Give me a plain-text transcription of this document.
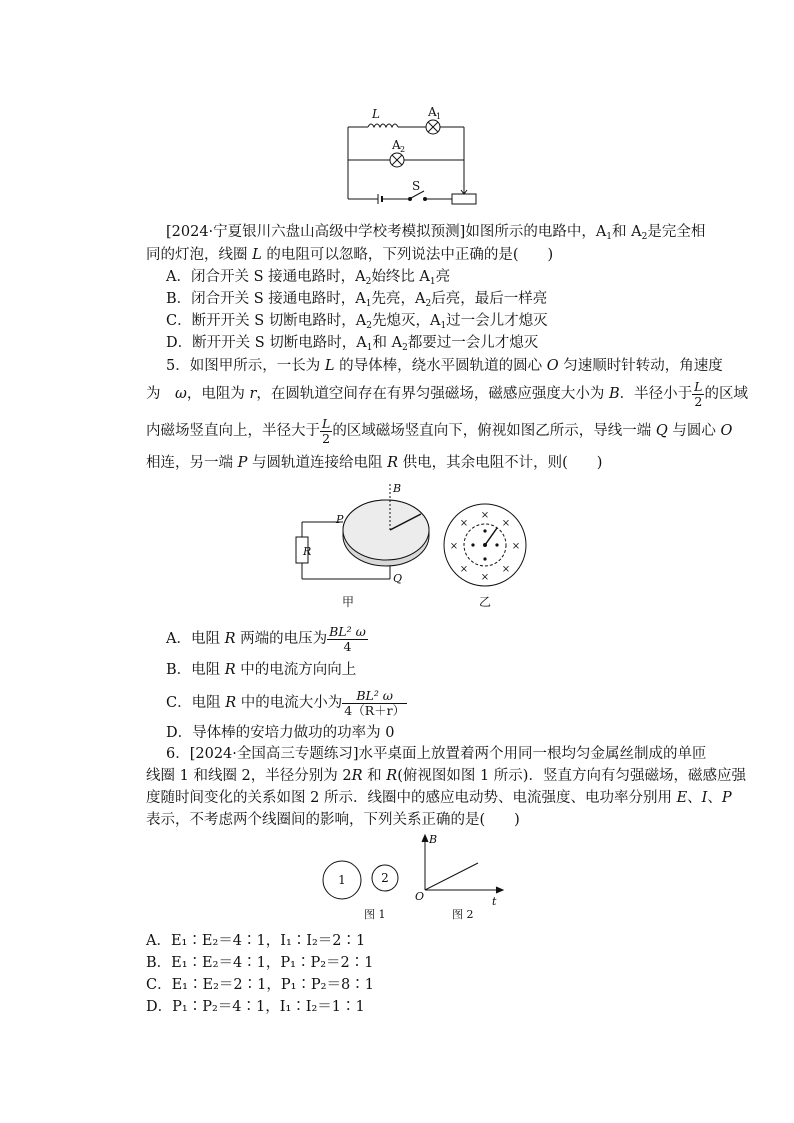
L	A 1
A 2
S
[2024·宁夏银川六盘山高级中学校考模拟预测]如图所示的电路中，$A_1$和 $A_2$是完全相
同的灯泡，线圈 L 的电阻可以忽略，下列说法中正确的是(　　)
A．闭合开关 S 接通电路时，$A_2$始终比 $A_1$亮
B．闭合开关 S 接通电路时，$A_1$先亮，$A_2$后亮，最后一样亮
C．断开开关 S 切断电路时，$A_2$先熄灭，$A_1$过一会儿才熄灭
D．断开开关 S 切断电路时，$A_1$和 $A_2$都要过一会儿才熄灭
5．如图甲所示，一长为 L 的导体棒，绕水平圆轨道的圆心 O 匀速顺时针转动，角速度
为　ω，电阻为 r，在圆轨道空间存在有界匀强磁场，磁感应强度大小为 B．半径小于 $\frac{L}{2}$ 的区域
内磁场竖直向上，半径大于 $\frac{L}{2}$ 的区域磁场竖直向下，俯视如图乙所示，导线一端 Q 与圆心 O
相连，另一端 P 与圆轨道连接给电阻 R 供电，其余电阻不计，则(　　)
B
P
R
Q
甲
×
×
×	×
×	×
×	×
乙
A．电阻 R 两端的电压为 $\frac{\text{BL² ω}}{4}$
B．电阻 R 中的电流方向向上
C．电阻 R 中的电流大小为 $\frac{\text{BL² ω}}{4(R+r)}$
D．导体棒的安培力做功的功率为 0
6．[2024·全国高三专题练习]水平桌面上放置着两个用同一根均匀金属丝制成的单匝
线圈 1 和线圈 2，半径分别为 2R 和 R(俯视图如图 1 所示)．竖直方向有匀强磁场，磁感应强
度随时间变化的关系如图 2 所示．线圈中的感应电动势、电流强度、电功率分别用 E、I、P
表示，不考虑两个线圈间的影响，下列关系正确的是(　　)
1	2
B
O	t
图 1	图 2
A．E₁∶E₂＝4∶1，I₁∶I₂＝2∶1
B．E₁∶E₂＝4∶1，P₁∶P₂＝2∶1
C．E₁∶E₂＝2∶1，P₁∶P₂＝8∶1
D．P₁∶P₂＝4∶1，I₁∶I₂＝1∶1
